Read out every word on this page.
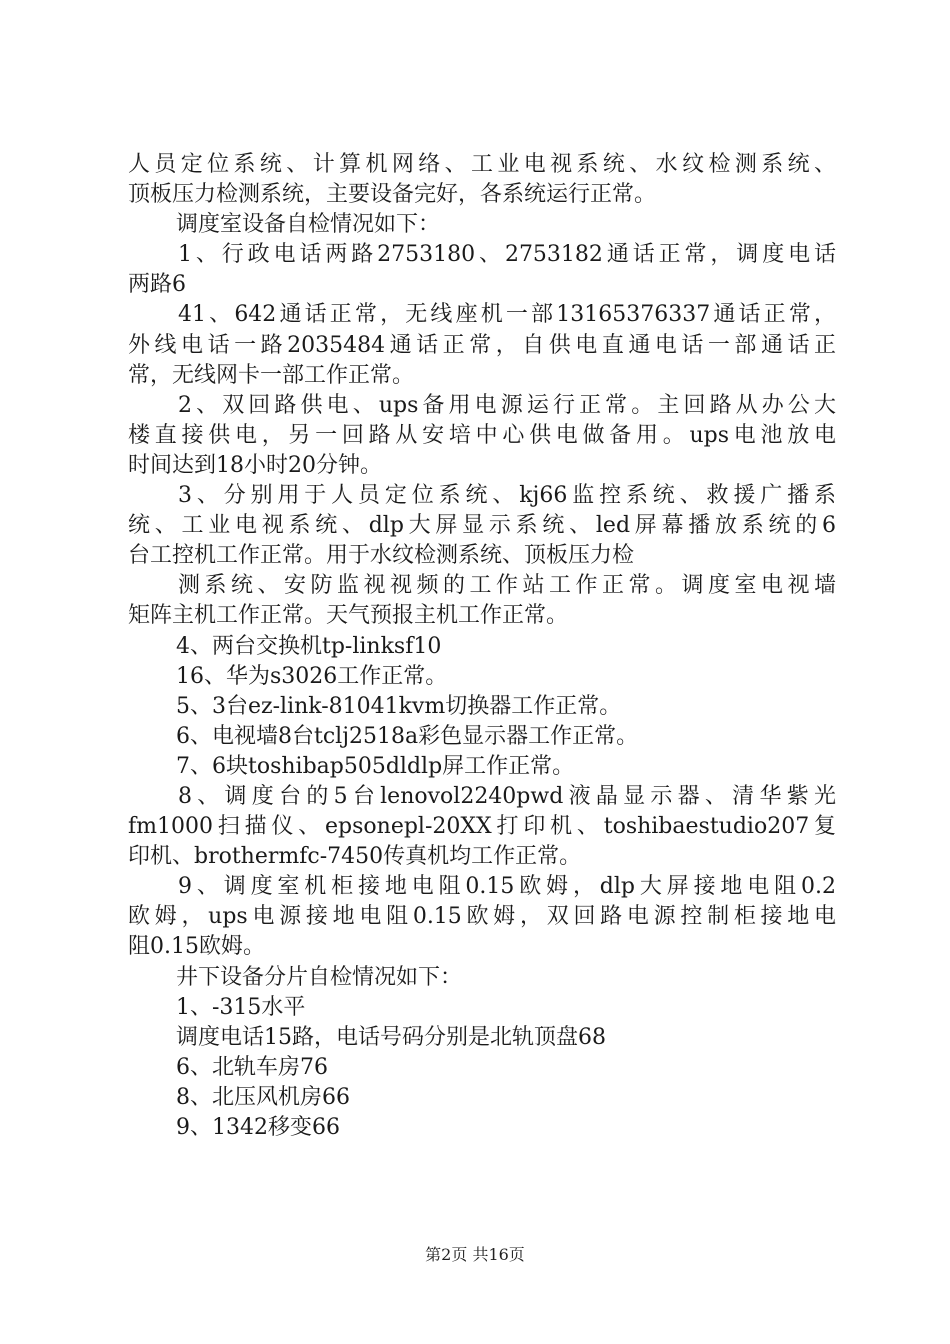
人员定位系统、计算机网络、工业电视系统、水纹检测系统、
顶板压力检测系统，主要设备完好，各系统运行正常。
调度室设备自检情况如下：
1、行政电话两路2753180、2753182通话正常，调度电话
两路6
41、642通话正常，无线座机一部13165376337通话正常，
外线电话一路2035484通话正常，自供电直通电话一部通话正
常，无线网卡一部工作正常。
2、双回路供电、ups备用电源运行正常。主回路从办公大
楼直接供电，另一回路从安培中心供电做备用。ups电池放电
时间达到18小时20分钟。
3、分别用于人员定位系统、kj66监控系统、救援广播系
统、工业电视系统、dlp大屏显示系统、led屏幕播放系统的6
台工控机工作正常。用于水纹检测系统、顶板压力检
测系统、安防监视视频的工作站工作正常。调度室电视墙
矩阵主机工作正常。天气预报主机工作正常。
4、两台交换机tp-linksf10
16、华为s3026工作正常。
5、3台ez-link-81041kvm切换器工作正常。
6、电视墙8台tclj2518a彩色显示器工作正常。
7、6块toshibap505dldlp屏工作正常。
8、调度台的5台lenovol2240pwd液晶显示器、清华紫光
fm1000扫描仪、epsonepl-20XX打印机、toshibaestudio207复
印机、brothermfc-7450传真机均工作正常。
9、调度室机柜接地电阻0.15欧姆，dlp大屏接地电阻0.2
欧姆，ups电源接地电阻0.15欧姆，双回路电源控制柜接地电
阻0.15欧姆。
井下设备分片自检情况如下：
1、-315水平
调度电话15路，电话号码分别是北轨顶盘68
6、北轨车房76
8、北压风机房66
9、1342移变66
第2页 共16页
